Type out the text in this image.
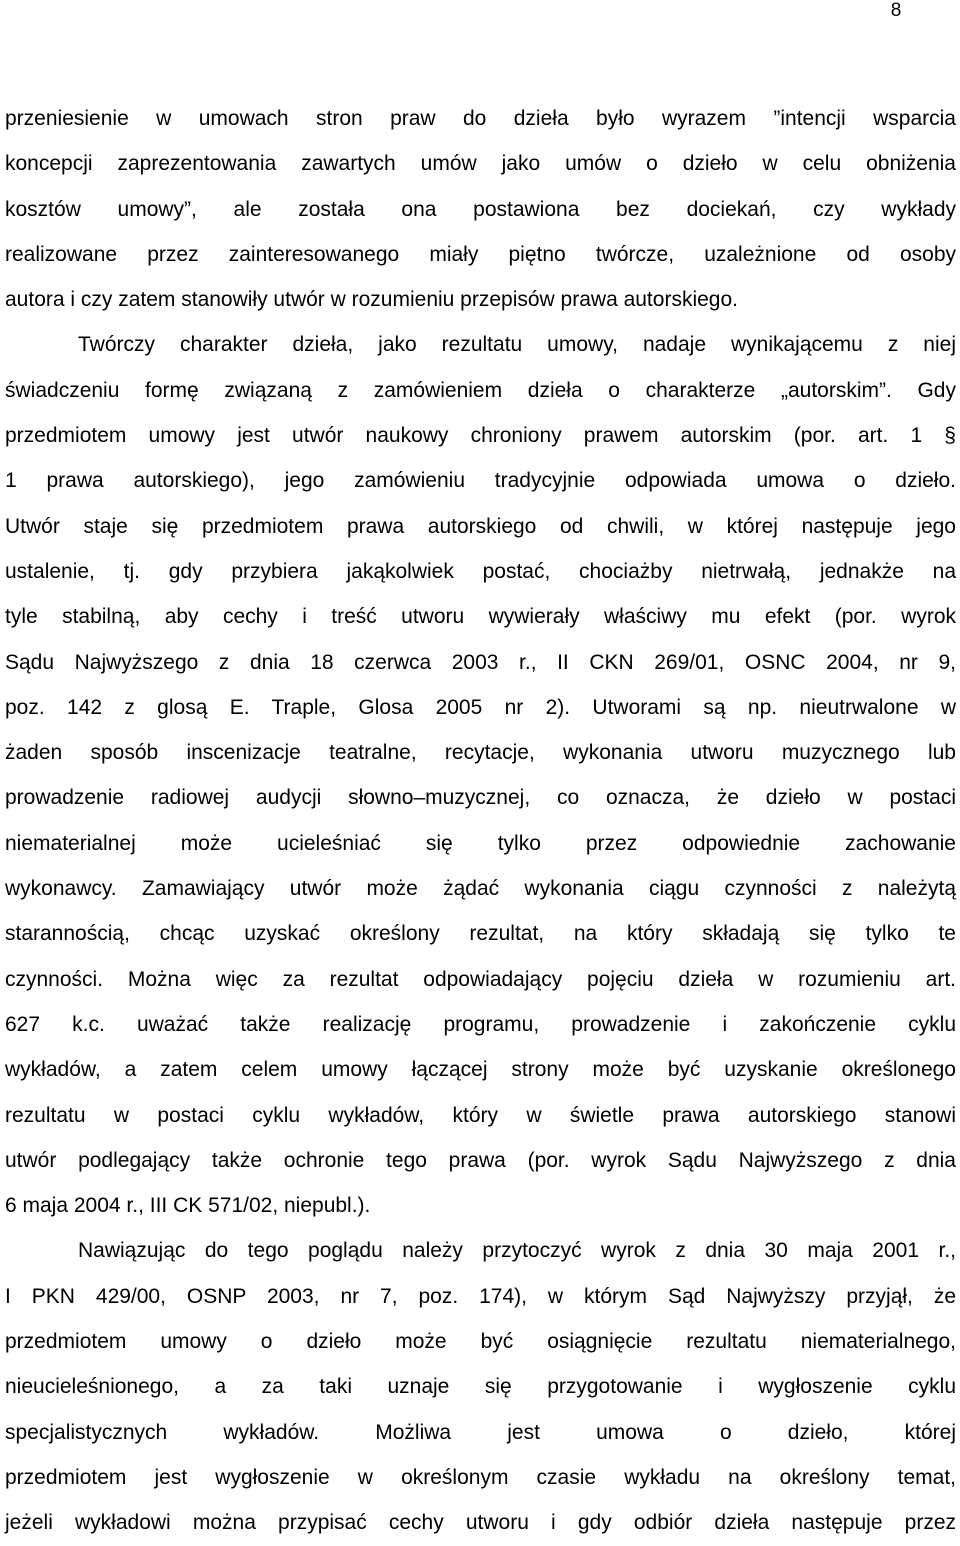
8
przeniesienie w umowach stron praw do dzieła było wyrazem ”intencji wsparcia
koncepcji zaprezentowania zawartych umów jako umów o dzieło w celu obniżenia
kosztów umowy”, ale została ona postawiona bez dociekań, czy wykłady
realizowane przez zainteresowanego miały piętno twórcze, uzależnione od osoby
autora i czy zatem stanowiły utwór w rozumieniu przepisów prawa autorskiego.
Twórczy charakter dzieła, jako rezultatu umowy, nadaje wynikającemu z niej
świadczeniu formę związaną z zamówieniem dzieła o charakterze „autorskim”. Gdy
przedmiotem umowy jest utwór naukowy chroniony prawem autorskim (por. art. 1 §
1 prawa autorskiego), jego zamówieniu tradycyjnie odpowiada umowa o dzieło.
Utwór staje się przedmiotem prawa autorskiego od chwili, w której następuje jego
ustalenie, tj. gdy przybiera jakąkolwiek postać, chociażby nietrwałą, jednakże na
tyle stabilną, aby cechy i treść utworu wywierały właściwy mu efekt (por. wyrok
Sądu Najwyższego z dnia 18 czerwca 2003 r., II CKN 269/01, OSNC 2004, nr 9,
poz. 142 z glosą E. Traple, Glosa 2005 nr 2). Utworami są np. nieutrwalone w
żaden sposób inscenizacje teatralne, recytacje, wykonania utworu muzycznego lub
prowadzenie radiowej audycji słowno–muzycznej, co oznacza, że dzieło w postaci
niematerialnej może ucieleśniać się tylko przez odpowiednie zachowanie
wykonawcy. Zamawiający utwór może żądać wykonania ciągu czynności z należytą
starannością, chcąc uzyskać określony rezultat, na który składają się tylko te
czynności. Można więc za rezultat odpowiadający pojęciu dzieła w rozumieniu art.
627 k.c. uważać także realizację programu, prowadzenie i zakończenie cyklu
wykładów, a zatem celem umowy łączącej strony może być uzyskanie określonego
rezultatu w postaci cyklu wykładów, który w świetle prawa autorskiego stanowi
utwór podlegający także ochronie tego prawa (por. wyrok Sądu Najwyższego z dnia
6 maja 2004 r., III CK 571/02, niepubl.).
Nawiązując do tego poglądu należy przytoczyć wyrok z dnia 30 maja 2001 r.,
I PKN 429/00, OSNP 2003, nr 7, poz. 174), w którym Sąd Najwyższy przyjął, że
przedmiotem umowy o dzieło może być osiągnięcie rezultatu niematerialnego,
nieucieleśnionego, a za taki uznaje się przygotowanie i wygłoszenie cyklu
specjalistycznych wykładów. Możliwa jest umowa o dzieło, której
przedmiotem jest wygłoszenie w określonym czasie wykładu na określony temat,
jeżeli wykładowi można przypisać cechy utworu i gdy odbiór dzieła następuje przez
